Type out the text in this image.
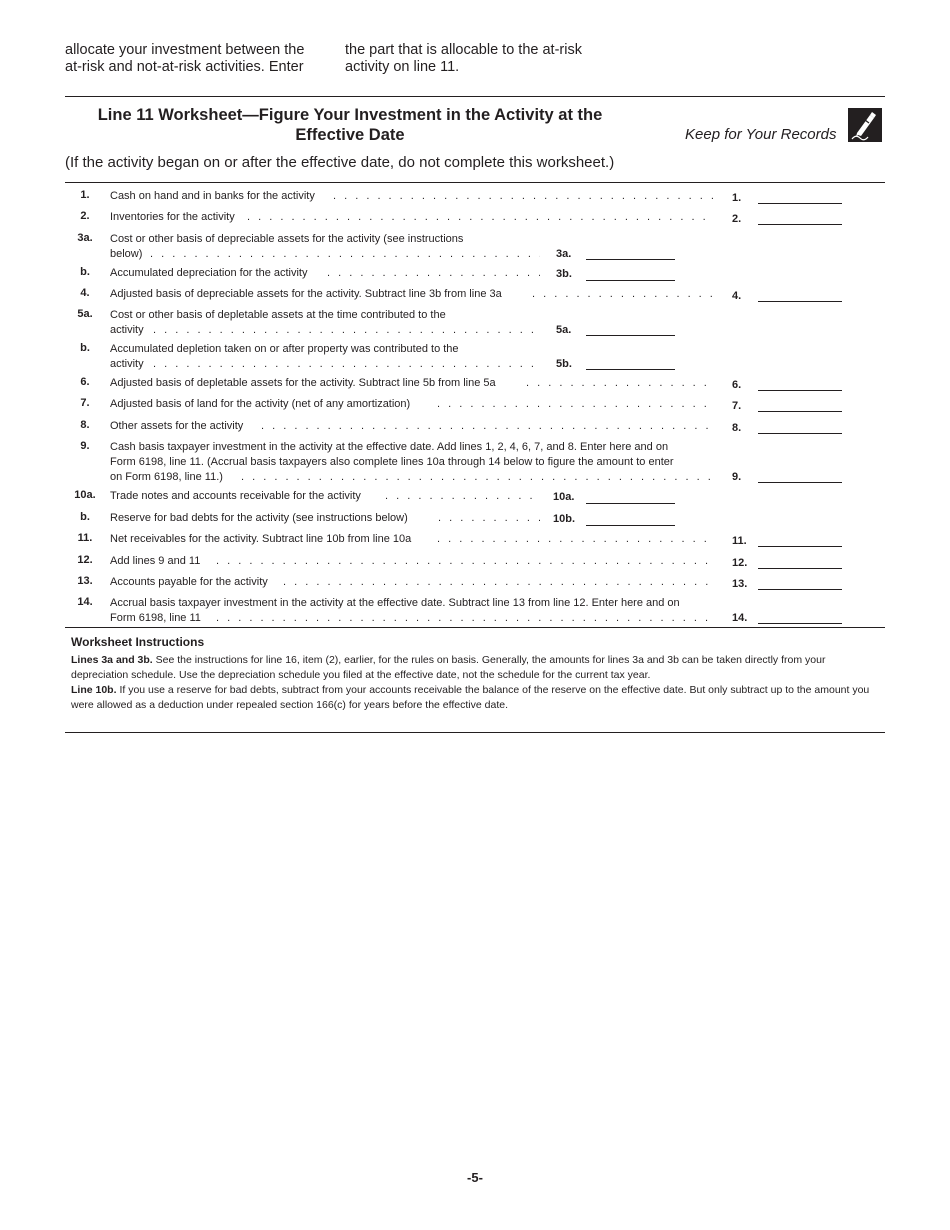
allocate your investment between the
at-risk and not-at-risk activities. Enter
the part that is allocable to the at-risk
activity on line 11.
Line 11 Worksheet—Figure Your Investment in the Activity at the
Effective Date	Keep for Your Records
(If the activity began on or after the effective date, do not complete this worksheet.)
1.	Cash on hand and in banks for the activity . . .	1.
2.	Inventories for the activity . . .	2.
3a.	Cost or other basis of depreciable assets for the activity (see instructions
below) . . .	3a.
b.	Accumulated depreciation for the activity . . .	3b.
4.	Adjusted basis of depreciable assets for the activity. Subtract line 3b from line 3a . . .	4.
5a.	Cost or other basis of depletable assets at the time contributed to the
activity . . .	5a.
b.	Accumulated depletion taken on or after property was contributed to the
activity . . .	5b.
6.	Adjusted basis of depletable assets for the activity. Subtract line 5b from line 5a . . .	6.
7.	Adjusted basis of land for the activity (net of any amortization) . . .	7.
8.	Other assets for the activity . . .	8.
9.	Cash basis taxpayer investment in the activity at the effective date. Add lines 1, 2, 4, 6, 7, and 8. Enter here and on
Form 6198, line 11. (Accrual basis taxpayers also complete lines 10a through 14 below to figure the amount to enter
on Form 6198, line 11.) . . .	9.
10a.	Trade notes and accounts receivable for the activity . . .	10a.
b.	Reserve for bad debts for the activity (see instructions below) . . .	10b.
11.	Net receivables for the activity. Subtract line 10b from line 10a . . .	11.
12.	Add lines 9 and 11 . . .	12.
13.	Accounts payable for the activity . . .	13.
14.	Accrual basis taxpayer investment in the activity at the effective date. Subtract line 13 from line 12. Enter here and on
Form 6198, line 11 . . .	14.
Worksheet Instructions
Lines 3a and 3b. See the instructions for line 16, item (2), earlier, for the rules on basis. Generally, the amounts for lines 3a and 3b can be taken directly from your
depreciation schedule. Use the depreciation schedule you filed at the effective date, not the schedule for the current tax year.
Line 10b. If you use a reserve for bad debts, subtract from your accounts receivable the balance of the reserve on the effective date. But only subtract up to the amount you
were allowed as a deduction under repealed section 166(c) for years before the effective date.
-5-
